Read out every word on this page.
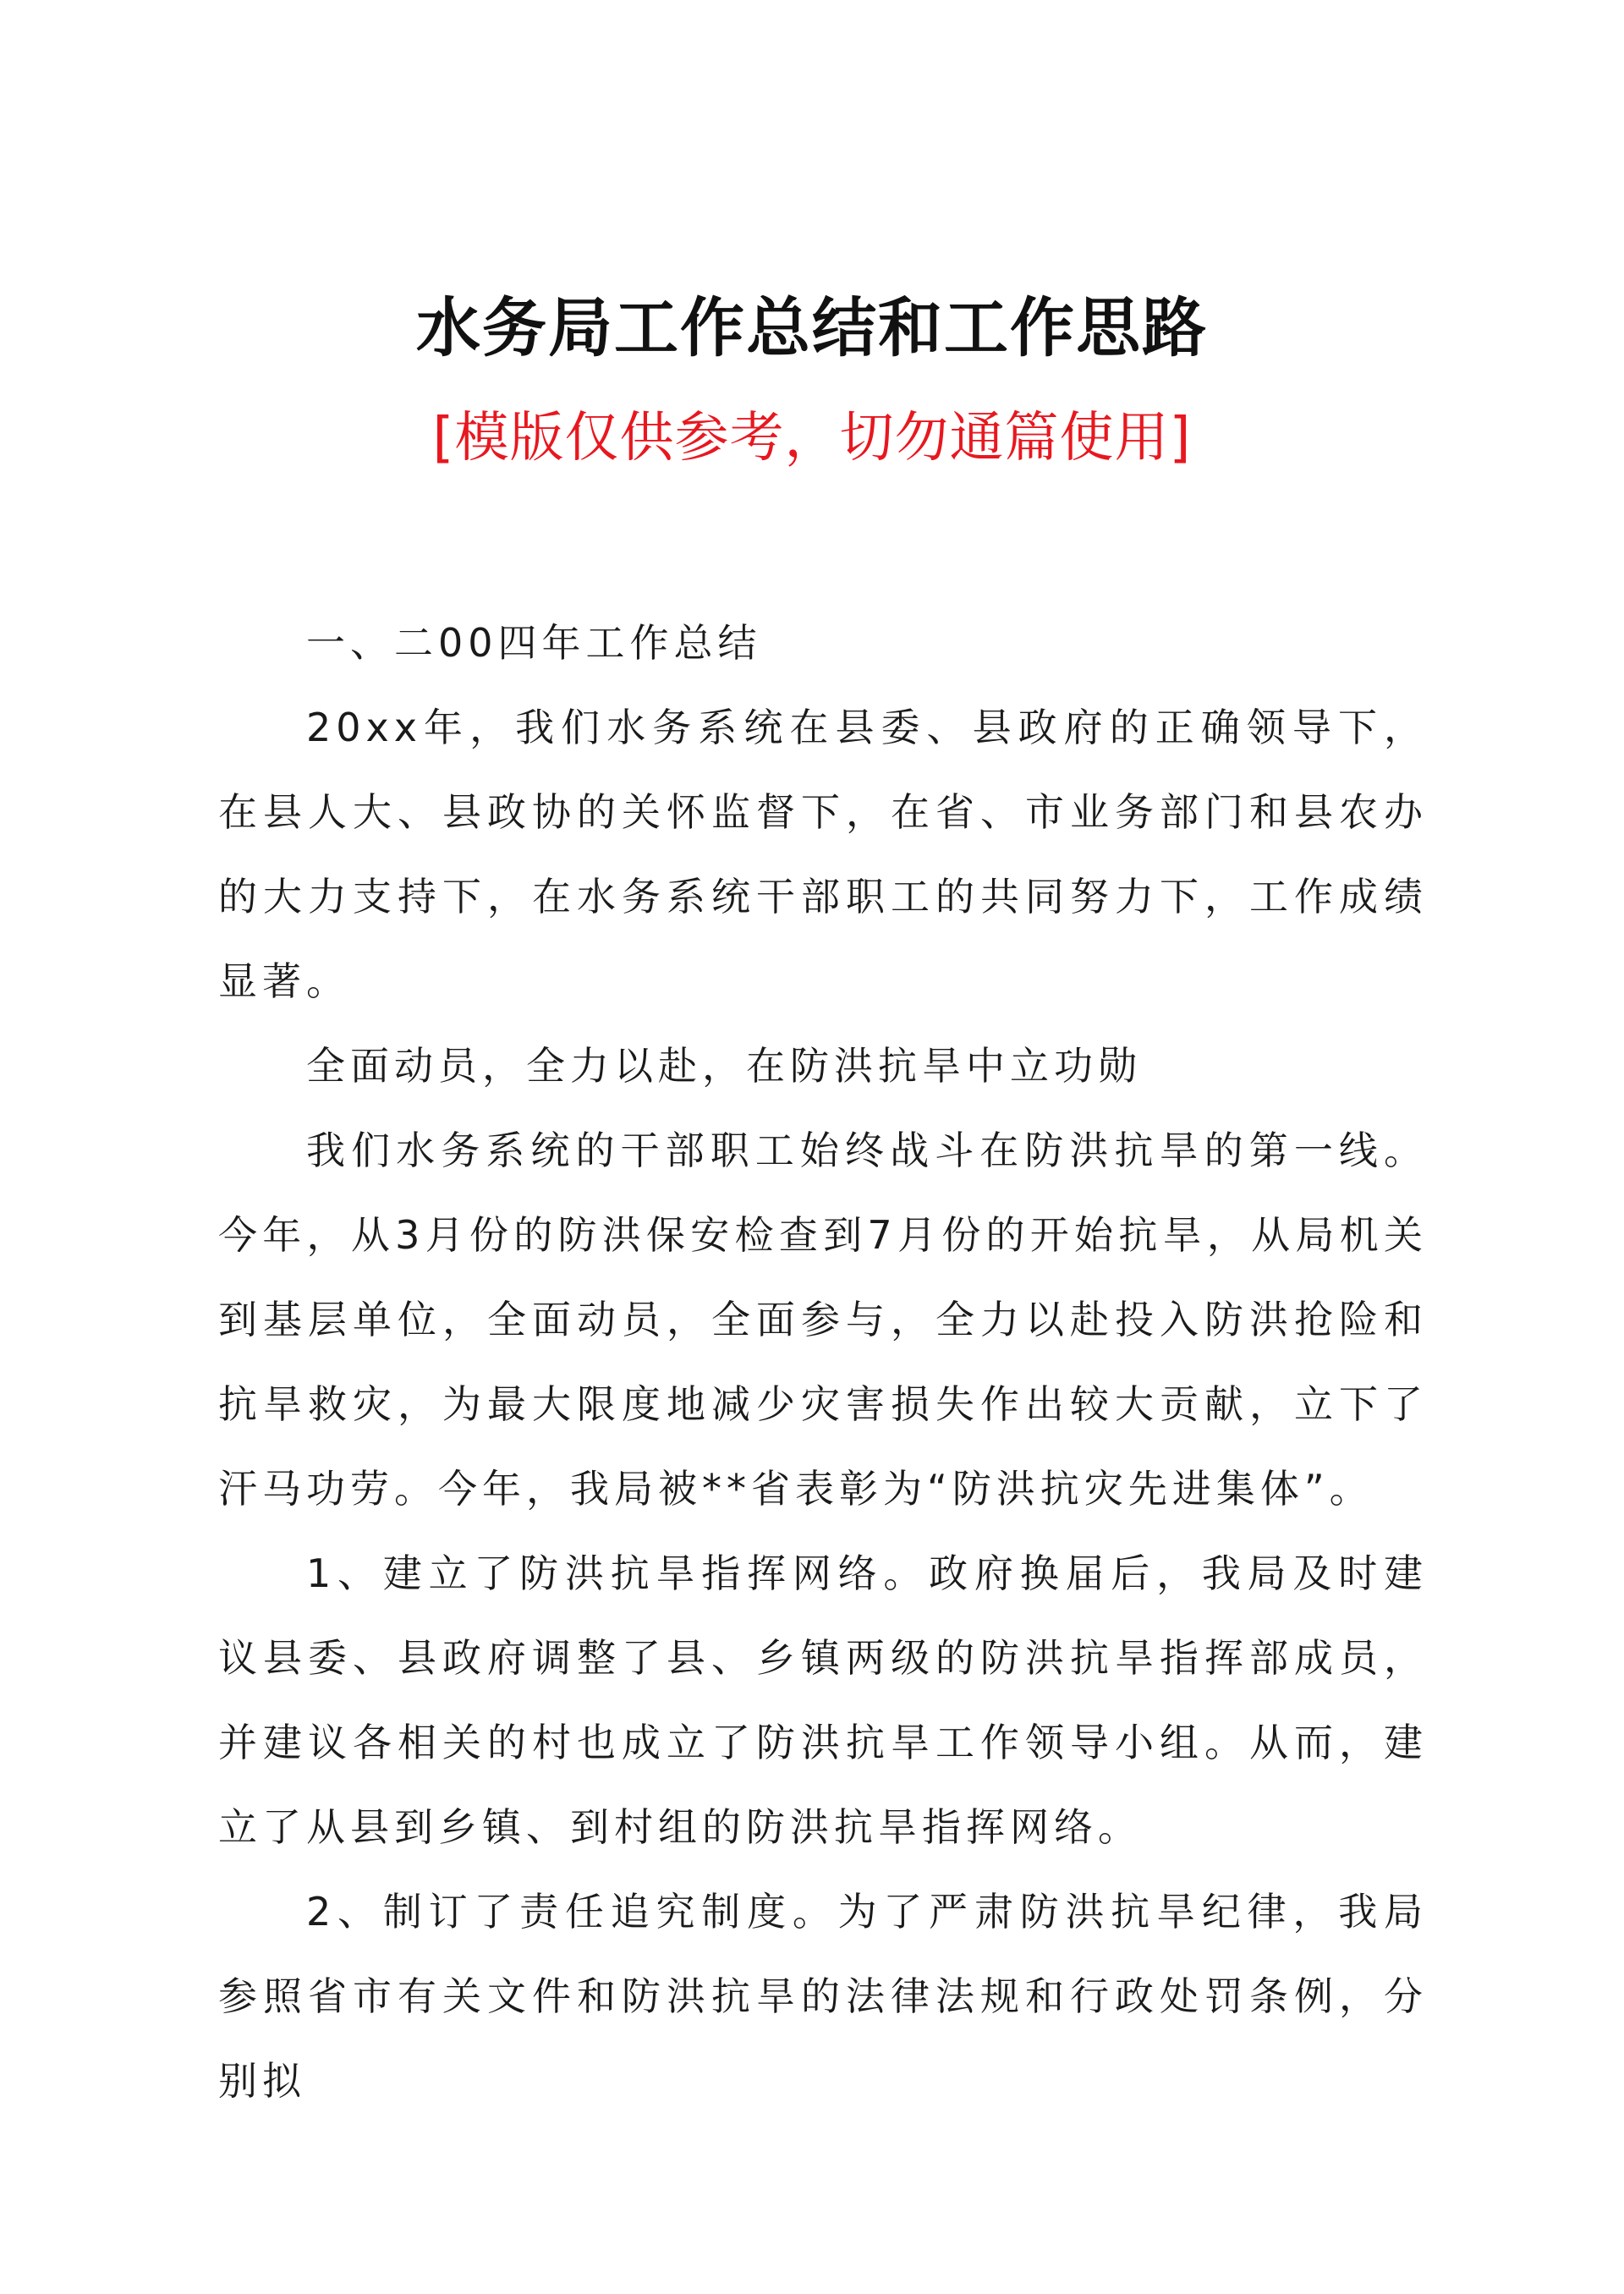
水务局工作总结和工作思路
[模版仅供参考，切勿通篇使用]

一、二00四年工作总结

20xx年，我们水务系统在县委、县政府的正确领导下，在县人大、县政协的关怀监督下，在省、市业务部门和县农办的大力支持下，在水务系统干部职工的共同努力下，工作成绩显著。

全面动员，全力以赴，在防洪抗旱中立功勋

我们水务系统的干部职工始终战斗在防洪抗旱的第一线。今年，从3月份的防洪保安检查到7月份的开始抗旱，从局机关到基层单位，全面动员，全面参与，全力以赴投入防洪抢险和抗旱救灾，为最大限度地减少灾害损失作出较大贡献，立下了汗马功劳。今年，我局被**省表彰为“防洪抗灾先进集体”。

1、建立了防洪抗旱指挥网络。政府换届后，我局及时建议县委、县政府调整了县、乡镇两级的防洪抗旱指挥部成员，并建议各相关的村也成立了防洪抗旱工作领导小组。从而，建立了从县到乡镇、到村组的防洪抗旱指挥网络。

2、制订了责任追究制度。为了严肃防洪抗旱纪律，我局参照省市有关文件和防洪抗旱的法律法规和行政处罚条例，分别拟
